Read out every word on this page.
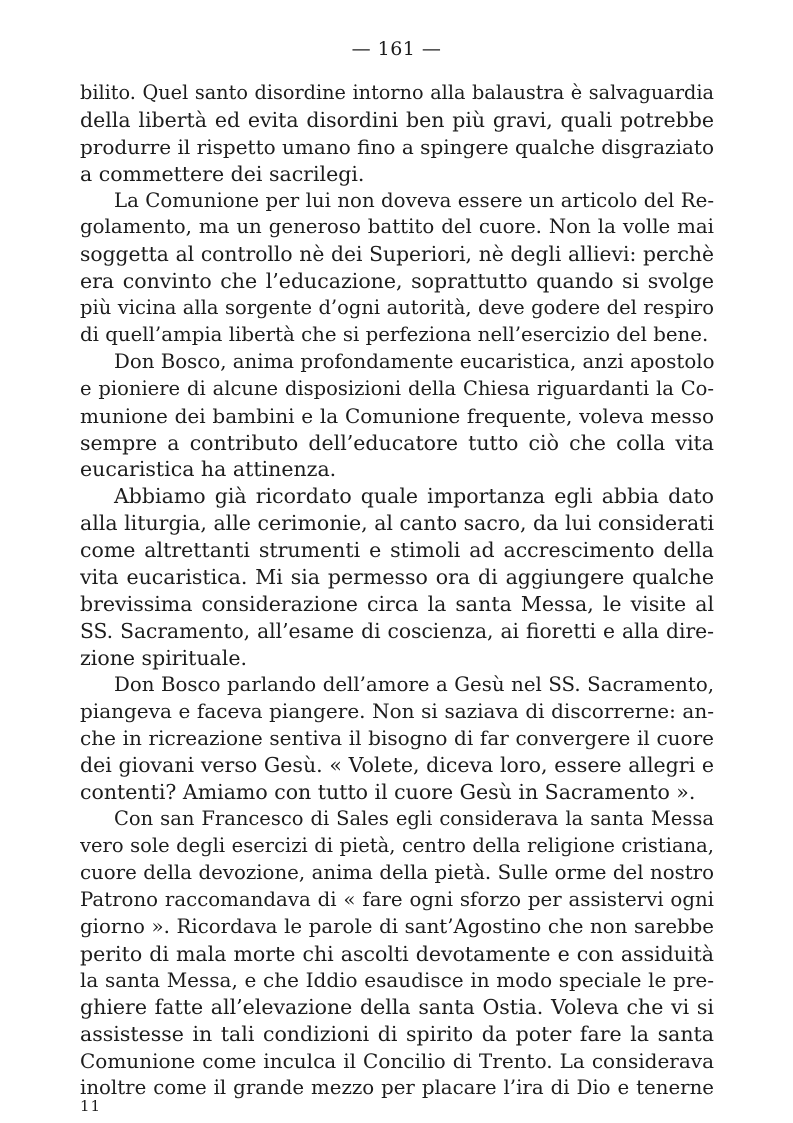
— 161 —
bilito. Quel santo disordine intorno alla balaustra è salvaguardia
della libertà ed evita disordini ben più gravi, quali potrebbe
produrre il rispetto umano fino a spingere qualche disgraziato
a commettere dei sacrilegi.
La Comunione per lui non doveva essere un articolo del Re-
golamento, ma un generoso battito del cuore. Non la volle mai
soggetta al controllo nè dei Superiori, nè degli allievi: perchè
era convinto che l’educazione, soprattutto quando si svolge
più vicina alla sorgente d’ogni autorità, deve godere del respiro
di quell’ampia libertà che si perfeziona nell’esercizio del bene.
Don Bosco, anima profondamente eucaristica, anzi apostolo
e pioniere di alcune disposizioni della Chiesa riguardanti la Co-
munione dei bambini e la Comunione frequente, voleva messo
sempre a contributo dell’educatore tutto ciò che colla vita
eucaristica ha attinenza.
Abbiamo già ricordato quale importanza egli abbia dato
alla liturgia, alle cerimonie, al canto sacro, da lui considerati
come altrettanti strumenti e stimoli ad accrescimento della
vita eucaristica. Mi sia permesso ora di aggiungere qualche
brevissima considerazione circa la santa Messa, le visite al
SS. Sacramento, all’esame di coscienza, ai fioretti e alla dire-
zione spirituale.
Don Bosco parlando dell’amore a Gesù nel SS. Sacramento,
piangeva e faceva piangere. Non si saziava di discorrerne: an-
che in ricreazione sentiva il bisogno di far convergere il cuore
dei giovani verso Gesù. « Volete, diceva loro, essere allegri e
contenti? Amiamo con tutto il cuore Gesù in Sacramento ».
Con san Francesco di Sales egli considerava la santa Messa
vero sole degli esercizi di pietà, centro della religione cristiana,
cuore della devozione, anima della pietà. Sulle orme del nostro
Patrono raccomandava di « fare ogni sforzo per assistervi ogni
giorno ». Ricordava le parole di sant’Agostino che non sarebbe
perito di mala morte chi ascolti devotamente e con assiduità
la santa Messa, e che Iddio esaudisce in modo speciale le pre-
ghiere fatte all’elevazione della santa Ostia. Voleva che vi si
assistesse in tali condizioni di spirito da poter fare la santa
Comunione come inculca il Concilio di Trento. La considerava
inoltre come il grande mezzo per placare l’ira di Dio e tenerne
11
